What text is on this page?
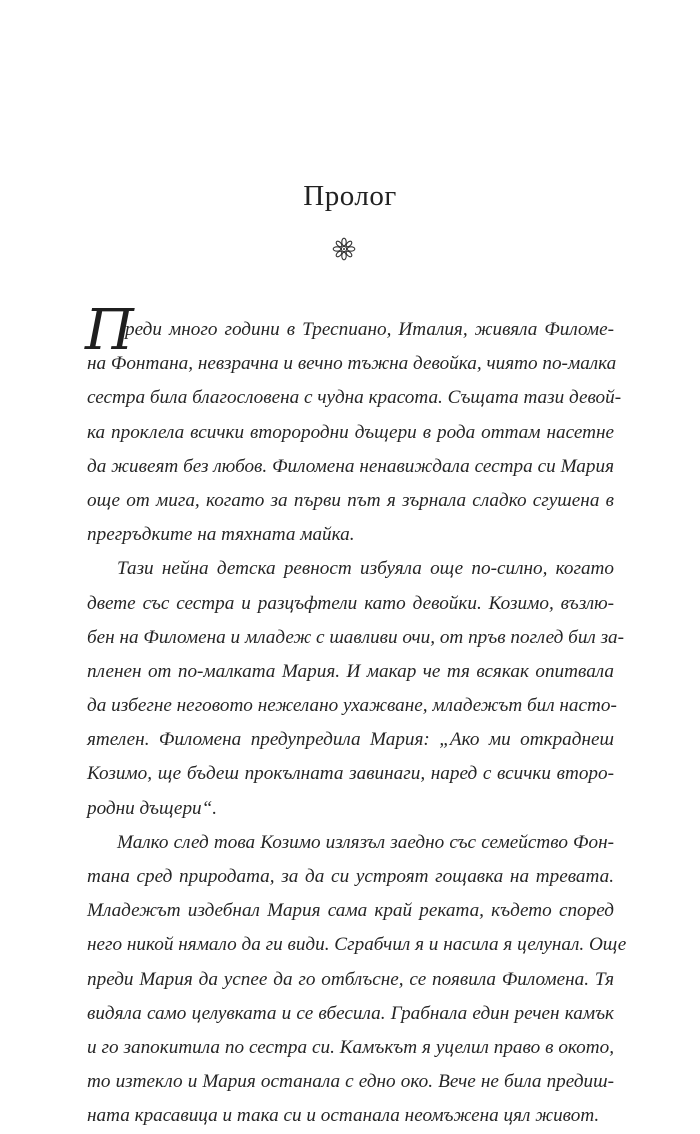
Пролог
П
реди много години в Треспиано, Италия, живяла Филоме-
на Фонтана, невзрачна и вечно тъжна девойка, чиято по-малка
сестра била благословена с чудна красота. Същата тази девой-
ка проклела всички второродни дъщери в рода оттам насетне
да живеят без любов. Филомена ненавиждала сестра си Мария
още от мига, когато за първи път я зърнала сладко сгушена в
прегръдките на тяхната майка.
Тази нейна детска ревност избуяла още по-силно, когато
двете със сестра и разцъфтели като девойки. Козимо, възлю-
бен на Филомена и младеж с шавливи очи, от пръв поглед бил за-
пленен от по-малката Мария. И макар че тя всякак опитвала
да избегне неговото нежелано ухажване, младежът бил насто-
ятелен. Филомена предупредила Мария: „Ако ми откраднеш
Козимо, ще бъдеш прокълната завинаги, наред с всички второ-
родни дъщери“.
Малко след това Козимо излязъл заедно със семейство Фон-
тана сред природата, за да си устроят гощавка на тревата.
Младежът издебнал Мария сама край реката, където според
него никой нямало да ги види. Сграбчил я и насила я целунал. Още
преди Мария да успее да го отблъсне, се появила Филомена. Тя
видяла само целувката и се вбесила. Грабнала един речен камък
и го запокитила по сестра си. Камъкът я уцелил право в окото,
то изтекло и Мария останала с едно око. Вече не била предиш-
ната красавица и така си и останала неомъжена цял живот.
